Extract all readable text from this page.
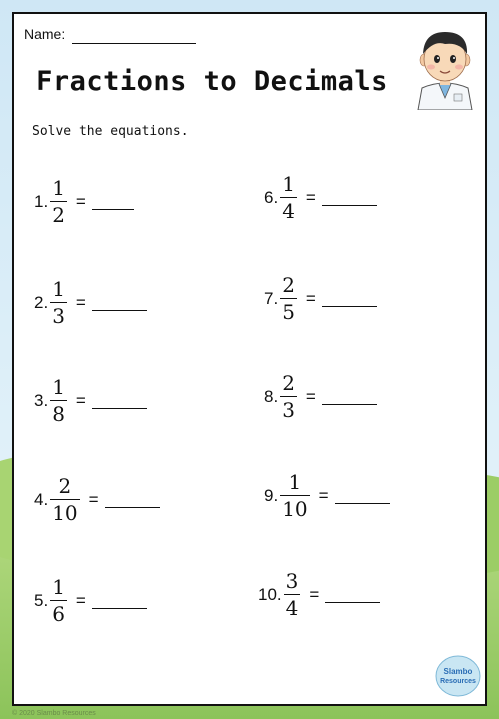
Name:
Fractions to Decimals
Solve the equations.
1. $\frac{1}{2}$ =
2. $\frac{1}{3}$ =
3. $\frac{1}{8}$ =
4. $\frac{2}{10}$ =
5. $\frac{1}{6}$ =
6. $\frac{1}{4}$ =
7. $\frac{2}{5}$ =
8. $\frac{2}{3}$ =
9. $\frac{1}{10}$ =
10. $\frac{3}{4}$ =
Slambo
Resources
© 2020 Slambo Resources
